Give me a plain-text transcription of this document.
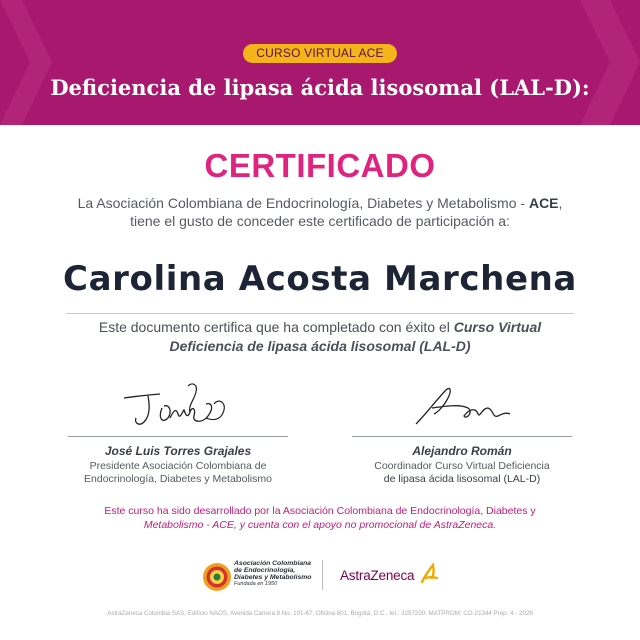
CURSO VIRTUAL ACE
Deficiencia de lipasa ácida lisosomal (LAL-D):
CERTIFICADO
La Asociación Colombiana de Endocrinología, Diabetes y Metabolismo - ACE,
tiene el gusto de conceder este certificado de participación a:
Carolina Acosta Marchena
Este documento certifica que ha completado con éxito el Curso Virtual
Deficiencia de lipasa ácida lisosomal (LAL-D)
José Luis Torres Grajales
Presidente Asociación Colombiana de
Endocrinología, Diabetes y Metabolismo
Alejandro Román
Coordinador Curso Virtual Deficiencia
de lipasa ácida lisosomal (LAL-D)
Este curso ha sido desarrollado por la Asociación Colombiana de Endocrinología, Diabetes y
Metabolismo - ACE, y cuenta con el apoyo no promocional de AstraZeneca.
Asociación Colombiana
de Endocrinología,
Diabetes y Metabolismo
Fundada en 1950
AstraZeneca
AstraZeneca Colombia SAS, Edificio NAOS, Avenida Carrera 9 No. 101-67, Oficina 601, Bogotá, D.C., tel.: 3257200. MATPROM: CO-21344 Prep: 4 - 2026
